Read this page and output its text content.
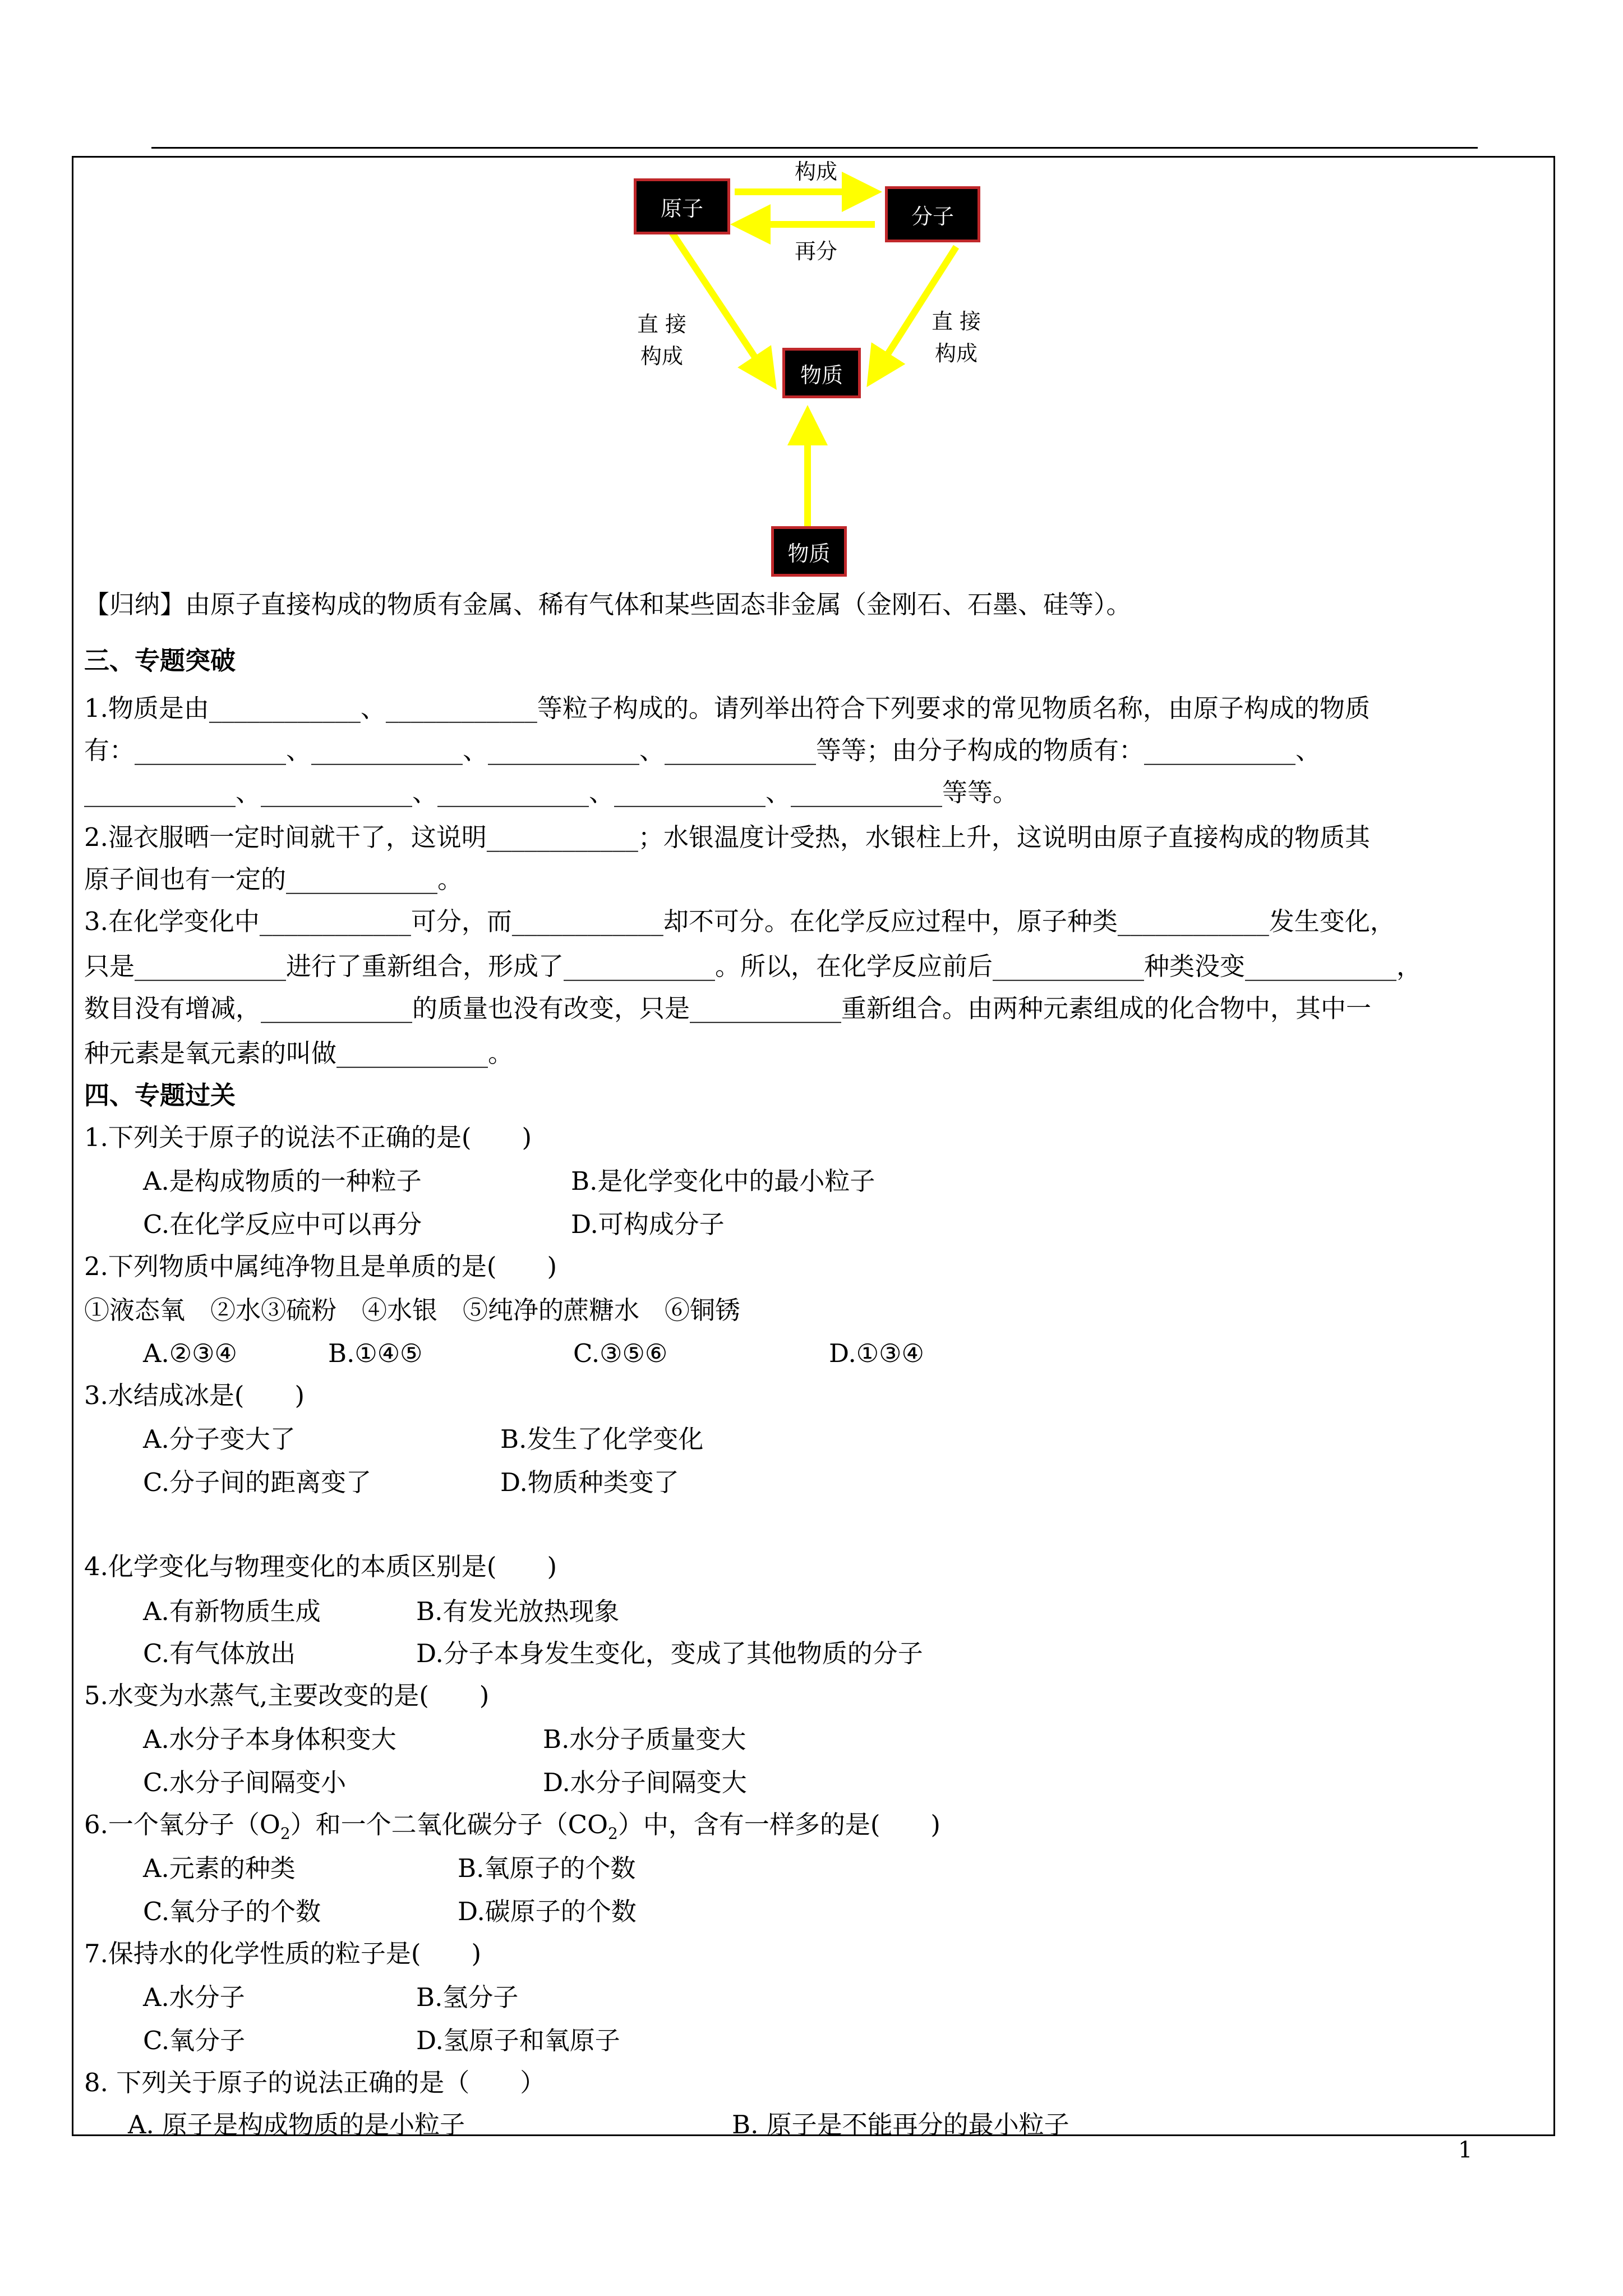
原子	分子
物质
物质
构成
再分
直 接
构成
直 接
构成
【归纳】由原子直接构成的物质有金属、稀有气体和某些固态非金属（金刚石、石墨、硅等）。
三、专题突破
1.物质是由____________、____________等粒子构成的。请列举出符合下列要求的常见物质名称，由原子构成的物质
有：____________、____________、____________、____________等等；由分子构成的物质有：____________、
____________、____________、____________、____________、____________等等。
2.湿衣服晒一定时间就干了，这说明____________；水银温度计受热，水银柱上升，这说明由原子直接构成的物质其
原子间也有一定的____________。
3.在化学变化中____________可分，而____________却不可分。在化学反应过程中，原子种类____________发生变化，
只是____________进行了重新组合，形成了____________。所以，在化学反应前后____________种类没变____________，
数目没有增减，____________的质量也没有改变，只是____________重新组合。由两种元素组成的化合物中，其中一
种元素是氧元素的叫做____________。
四、专题过关
1.下列关于原子的说法不正确的是(　　)
A.是构成物质的一种粒子	B.是化学变化中的最小粒子
C.在化学反应中可以再分	D.可构成分子
2.下列物质中属纯净物且是单质的是(　　)
①液态氧　②水③硫粉　④水银　⑤纯净的蔗糖水　⑥铜锈
A.②③④	B.①④⑤	C.③⑤⑥	D.①③④
3.水结成冰是(　　)
A.分子变大了	B.发生了化学变化
C.分子间的距离变了	D.物质种类变了
4.化学变化与物理变化的本质区别是(　　)
A.有新物质生成	B.有发光放热现象
C.有气体放出	D.分子本身发生变化，变成了其他物质的分子
5.水变为水蒸气,主要改变的是(　　)
A.水分子本身体积变大	B.水分子质量变大
C.水分子间隔变小	D.水分子间隔变大
6.一个氧分子$(O_2)$和一个二氧化碳分子$(CO_2)$中，含有一样多的是(　　)
A.元素的种类	B.氧原子的个数
C.氧分子的个数	D.碳原子的个数
7.保持水的化学性质的粒子是(　　)
A.水分子	B.氢分子
C.氧分子	D.氢原子和氧原子
8. 下列关于原子的说法正确的是（　　）
A. 原子是构成物质的是小粒子	B. 原子是不能再分的最小粒子
1
